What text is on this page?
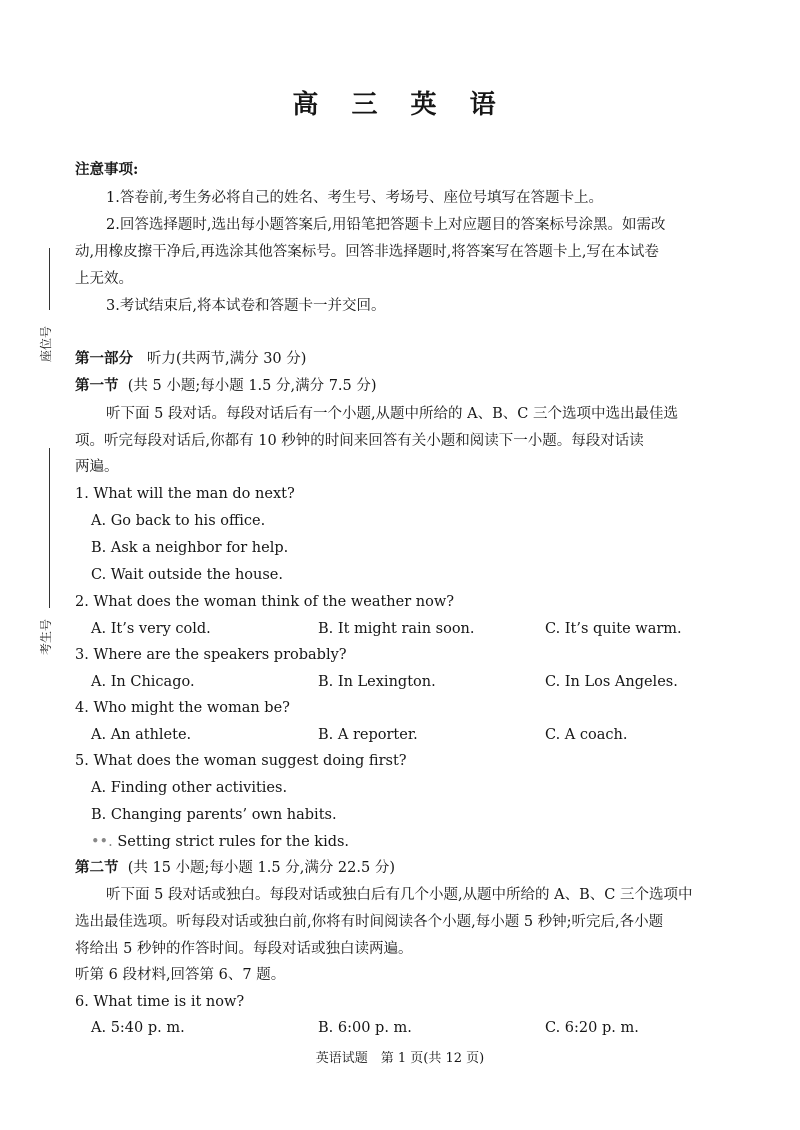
高 三 英 语
注意事项:
1.答卷前,考生务必将自己的姓名、考生号、考场号、座位号填写在答题卡上。
2.回答选择题时,选出每小题答案后,用铅笔把答题卡上对应题目的答案标号涂黑。如需改
动,用橡皮擦干净后,再选涂其他答案标号。回答非选择题时,将答案写在答题卡上,写在本试卷
上无效。
3.考试结束后,将本试卷和答题卡一并交回。
座位号
考生号
第一部分 听力(共两节,满分 30 分)
第一节 (共 5 小题;每小题 1.5 分,满分 7.5 分)
听下面 5 段对话。每段对话后有一个小题,从题中所给的 A、B、C 三个选项中选出最佳选
项。听完每段对话后,你都有 10 秒钟的时间来回答有关小题和阅读下一小题。每段对话读
两遍。
1. What will the man do next?
A. Go back to his office.
B. Ask a neighbor for help.
C. Wait outside the house.
2. What does the woman think of the weather now?
A. It’s very cold.	B. It might rain soon.	C. It’s quite warm.
3. Where are the speakers probably?
A. In Chicago.	B. In Lexington.	C. In Los Angeles.
4. Who might the woman be?
A. An athlete.	B. A reporter.	C. A coach.
5. What does the woman suggest doing first?
A. Finding other activities.
B. Changing parents’ own habits.
••. Setting strict rules for the kids.
第二节 (共 15 小题;每小题 1.5 分,满分 22.5 分)
听下面 5 段对话或独白。每段对话或独白后有几个小题,从题中所给的 A、B、C 三个选项中
选出最佳选项。听每段对话或独白前,你将有时间阅读各个小题,每小题 5 秒钟;听完后,各小题
将给出 5 秒钟的作答时间。每段对话或独白读两遍。
听第 6 段材料,回答第 6、7 题。
6. What time is it now?
A. 5:40 p. m.	B. 6:00 p. m.	C. 6:20 p. m.
英语试题　第 1 页(共 12 页)
